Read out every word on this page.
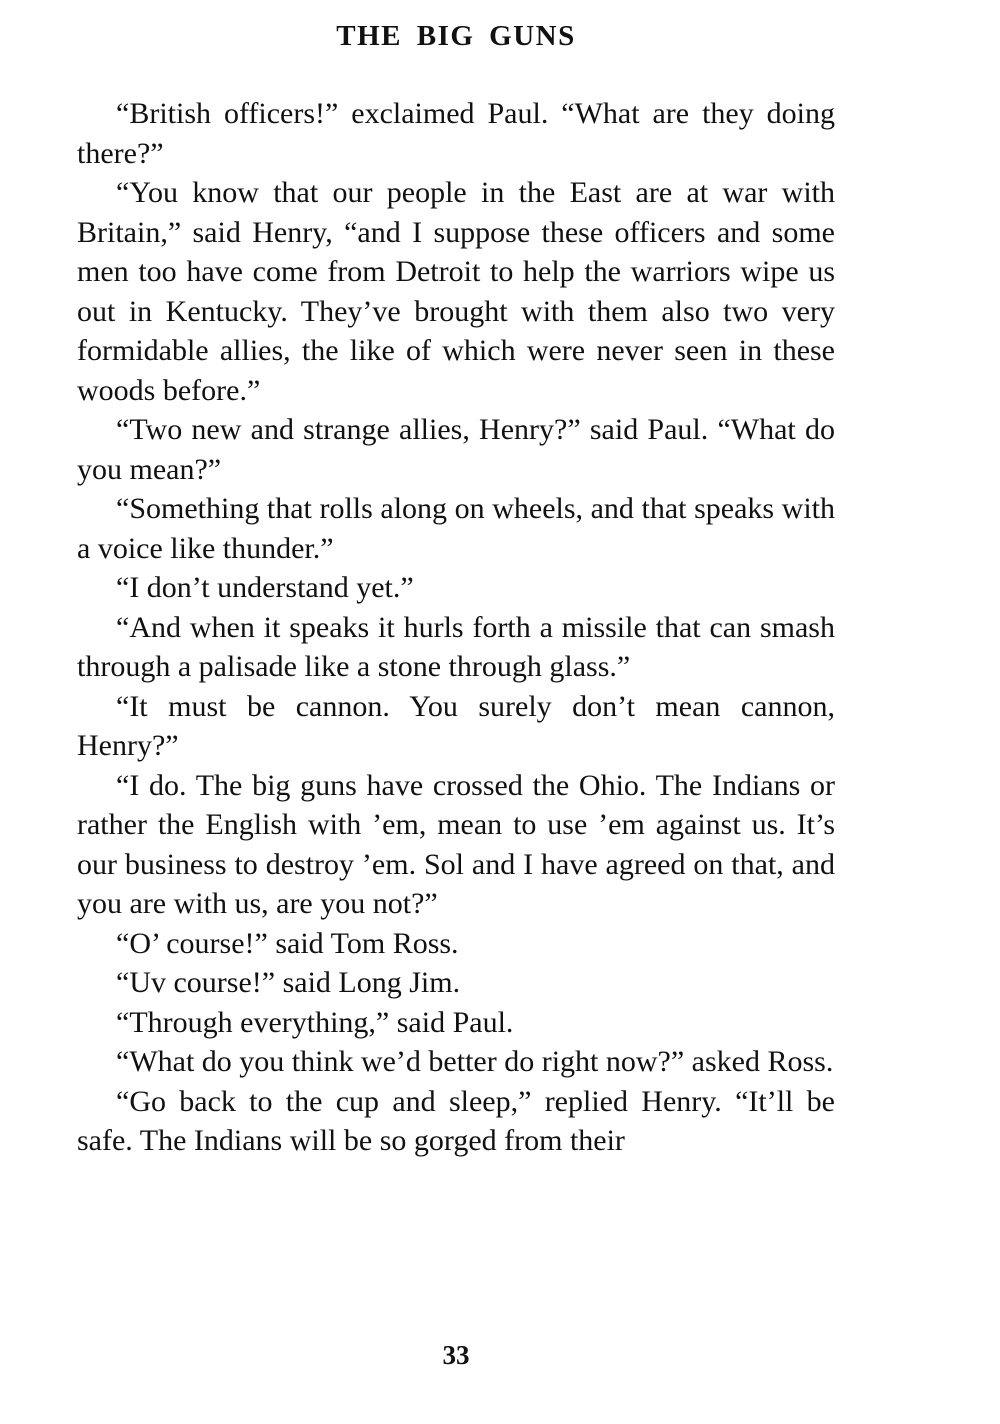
THE BIG GUNS

“British officers!” exclaimed Paul. “What are they doing there?”

“You know that our people in the East are at war with Britain,” said Henry, “and I suppose these officers and some men too have come from Detroit to help the warriors wipe us out in Kentucky. They’ve brought with them also two very formidable allies, the like of which were never seen in these woods before.”

“Two new and strange allies, Henry?” said Paul. “What do you mean?”

“Something that rolls along on wheels, and that speaks with a voice like thunder.”

“I don’t understand yet.”

“And when it speaks it hurls forth a missile that can smash through a palisade like a stone through glass.”

“It must be cannon. You surely don’t mean cannon, Henry?”

“I do. The big guns have crossed the Ohio. The Indians or rather the English with ’em, mean to use ’em against us. It’s our business to destroy ’em. Sol and I have agreed on that, and you are with us, are you not?”

“O’ course!” said Tom Ross.

“Uv course!” said Long Jim.

“Through everything,” said Paul.

“What do you think we’d better do right now?” asked Ross.

“Go back to the cup and sleep,” replied Henry. “It’ll be safe. The Indians will be so gorged from their

33
